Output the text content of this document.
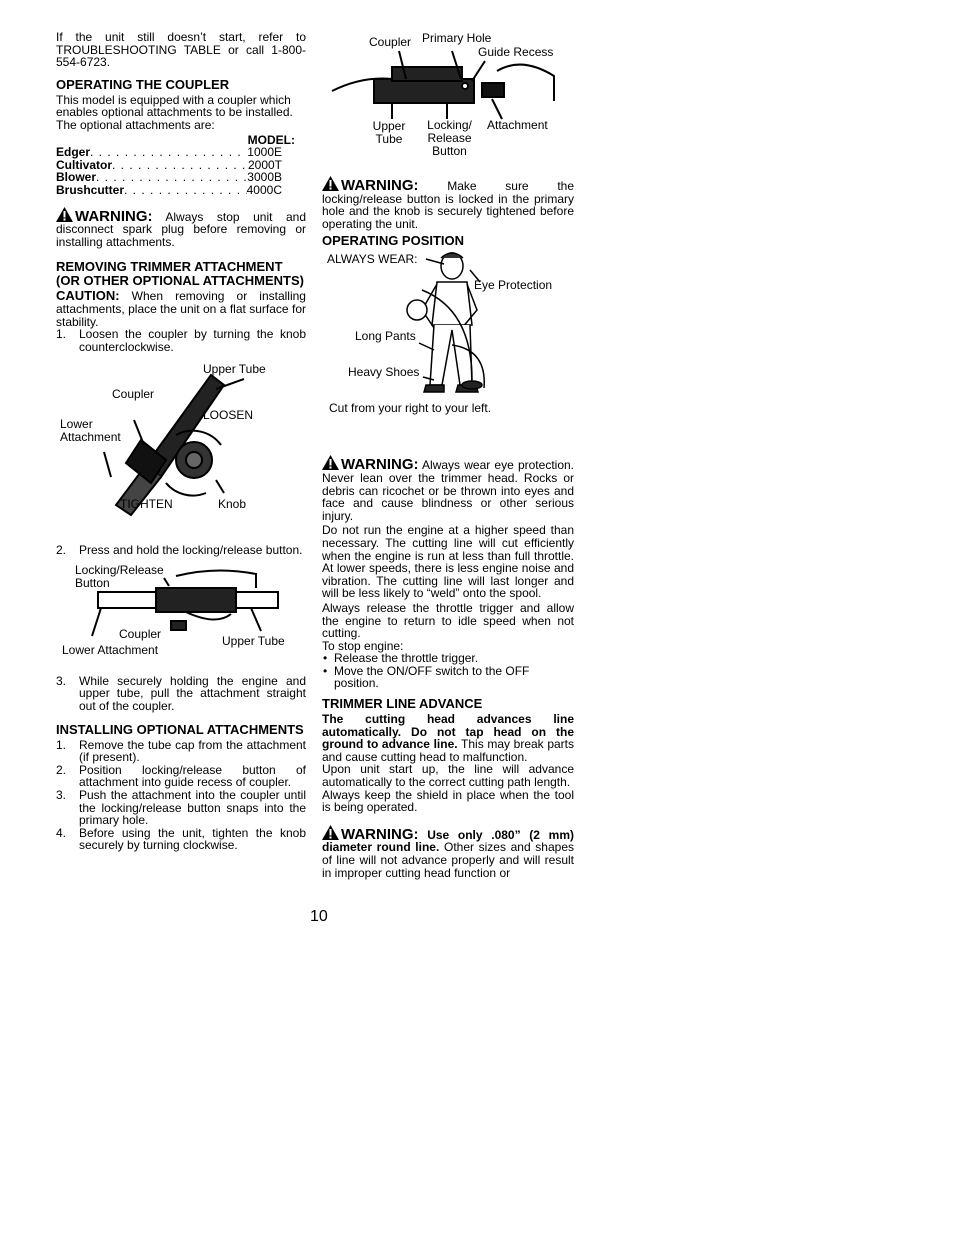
If the unit still doesn’t start, refer to TROUBLESHOOTING TABLE or call 1-800-554-6723.

OPERATING THE COUPLER

This model is equipped with a coupler which enables optional attachments to be installed. The optional attachments are:

MODEL:
Edger . . .	1000E
Cultivator . . .	2000T
Blower . . .	3000B
Brushcutter . . .	4000C

WARNING: Always stop unit and disconnect spark plug before removing or installing attachments.

REMOVING TRIMMER ATTACHMENT (OR OTHER OPTIONAL ATTACHMENTS)

CAUTION: When removing or installing attachments, place the unit on a flat surface for stability.

1. Loosen the coupler by turning the knob counterclockwise.
Upper Tube
Coupler
LOOSEN
Lower Attachment
TIGHTEN	Knob
2. Press and hold the locking/release button.
Locking/Release Button
Coupler	Upper Tube
Lower Attachment
3. While securely holding the engine and upper tube, pull the attachment straight out of the coupler.
INSTALLING OPTIONAL ATTACHMENTS
1. Remove the tube cap from the attachment (if present).
2. Position locking/release button of attachment into guide recess of coupler.
3. Push the attachment into the coupler until the locking/release button snaps into the primary hole.
4. Before using the unit, tighten the knob securely by turning clockwise.
Coupler Primary Hole
Guide Recess
Upper Tube
Locking/ Release Button
Attachment

WARNING: Make sure the locking/release button is locked in the primary hole and the knob is securely tightened before operating the unit.

OPERATING POSITION
ALWAYS WEAR:
Eye Protection
Long Pants
Heavy Shoes
Cut from your right to your left.

WARNING: Always wear eye protection. Never lean over the trimmer head. Rocks or debris can ricochet or be thrown into eyes and face and cause blindness or other serious injury.

Do not run the engine at a higher speed than necessary. The cutting line will cut efficiently when the engine is run at less than full throttle. At lower speeds, there is less engine noise and vibration. The cutting line will last longer and will be less likely to “weld” onto the spool.

Always release the throttle trigger and allow the engine to return to idle speed when not cutting.

To stop engine:

• Release the throttle trigger.
• Move the ON/OFF switch to the OFF position.
TRIMMER LINE ADVANCE

The cutting head advances line automatically. Do not tap head on the ground to advance line. This may break parts and cause cutting head to malfunction.

Upon unit start up, the line will advance automatically to the correct cutting path length.

Always keep the shield in place when the tool is being operated.

WARNING: Use only .080” (2 mm) diameter round line. Other sizes and shapes of line will not advance properly and will result in improper cutting head function or

10
